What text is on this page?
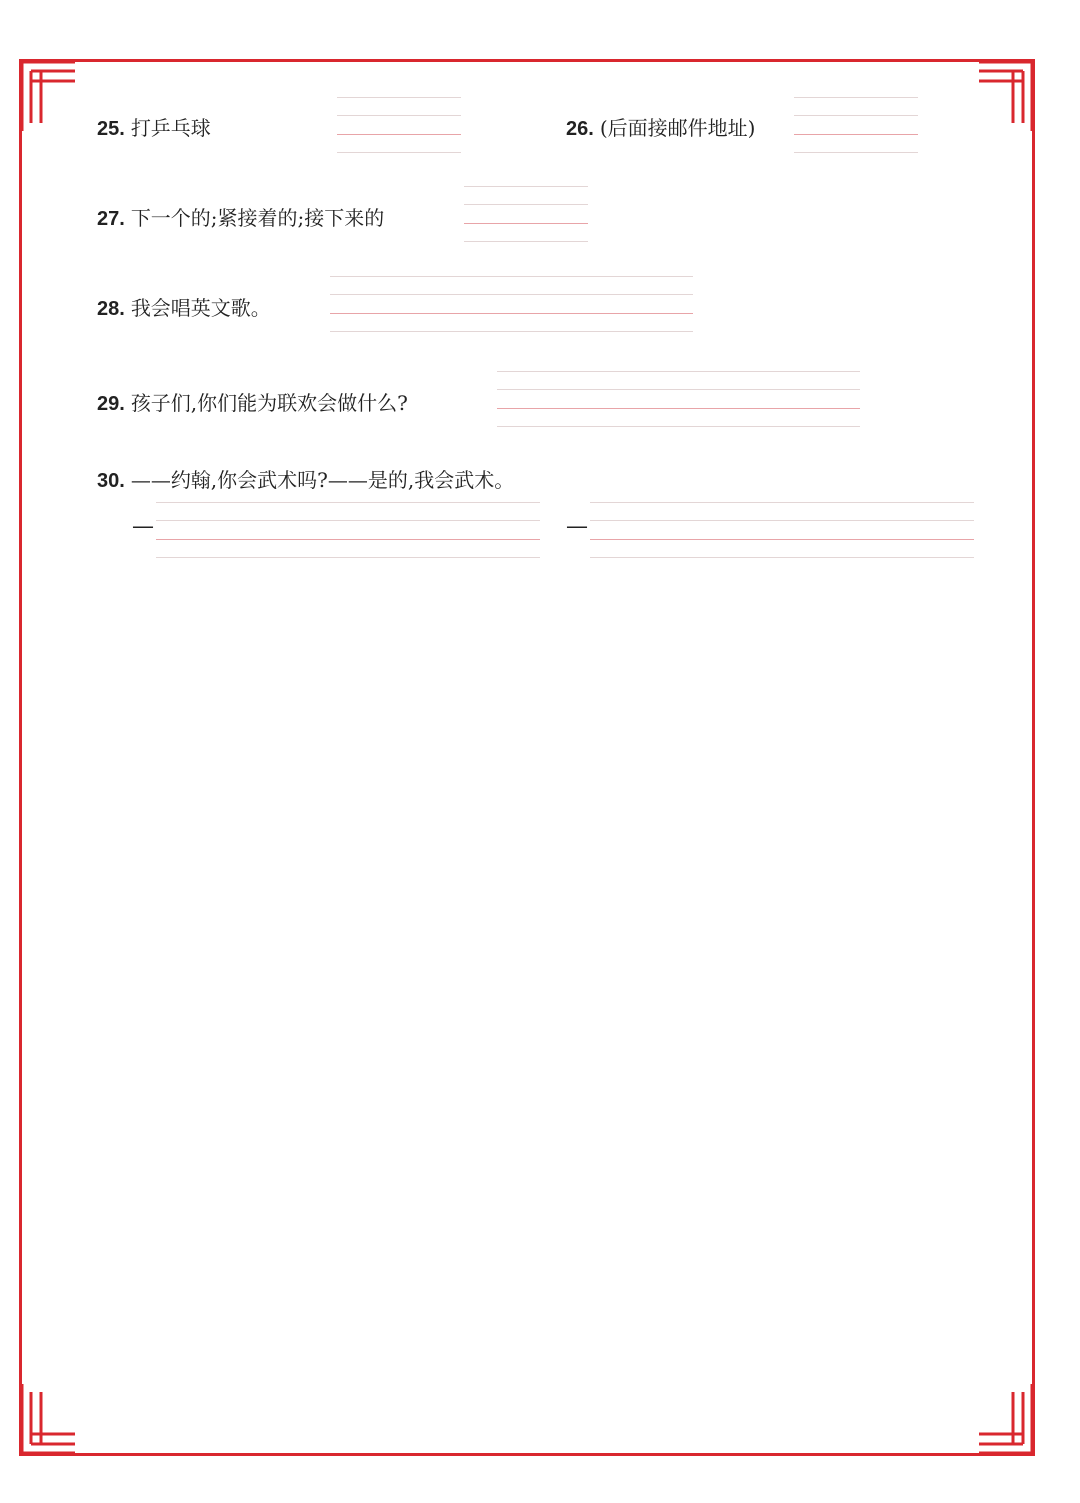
25. 打乒乓球	26. (后面接邮件地址)
27. 下一个的;紧接着的;接下来的
28. 我会唱英文歌。
29. 孩子们,你们能为联欢会做什么?
30. ——约翰,你会武术吗?——是的,我会武术。
—	—
